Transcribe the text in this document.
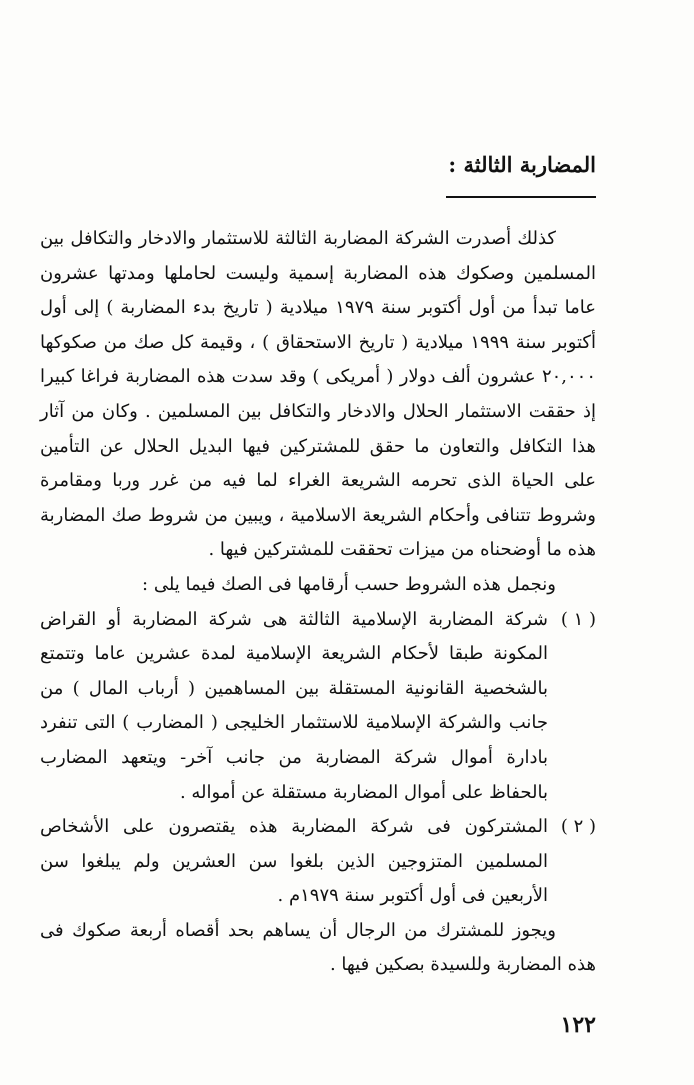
المضاربة الثالثة :

كذلك أصدرت الشركة المضاربة الثالثة للاستثمار والادخار والتكافل بين المسلمين وصكوك هذه المضاربة إسمية وليست لحاملها ومدتها عشرون عاما تبدأ من أول أكتوبر سنة ١٩٧٩ ميلادية ( تاريخ بدء المضاربة ) إلى أول أكتوبر سنة ١٩٩٩ ميلادية ( تاريخ الاستحقاق ) ، وقيمة كل صك من صكوكها ٢٠,٠٠٠ عشرون ألف دولار ( أمريكى ) وقد سدت هذه المضاربة فراغا كبيرا إذ حققت الاستثمار الحلال والادخار والتكافل بين المسلمين . وكان من آثار هذا التكافل والتعاون ما حقق للمشتركين فيها البديل الحلال عن التأمين على الحياة الذى تحرمه الشريعة الغراء لما فيه من غرر وربا ومقامرة وشروط تتنافى وأحكام الشريعة الاسلامية ، ويبين من شروط صك المضاربة هذه ما أوضحناه من ميزات تحققت للمشتركين فيها .

ونجمل هذه الشروط حسب أرقامها فى الصك فيما يلى :

( ١ )
شركة المضاربة الإسلامية الثالثة هى شركة المضاربة أو القراض المكونة طبقا لأحكام الشريعة الإسلامية لمدة عشرين عاما وتتمتع بالشخصية القانونية المستقلة بين المساهمين ( أرباب المال ) من جانب والشركة الإسلامية للاستثمار الخليجى ( المضارب ) التى تنفرد بادارة أموال شركة المضاربة من جانب آخر- ويتعهد المضارب بالحفاظ على أموال المضاربة مستقلة عن أمواله .
( ٢ )
المشتركون فى شركة المضاربة هذه يقتصرون على الأشخاص المسلمين المتزوجين الذين بلغوا سن العشرين ولم يبلغوا سن الأربعين فى أول أكتوبر سنة ١٩٧٩م .

ويجوز للمشترك من الرجال أن يساهم بحد أقصاه أربعة صكوك فى هذه المضاربة وللسيدة بصكين فيها .

١٢٢
